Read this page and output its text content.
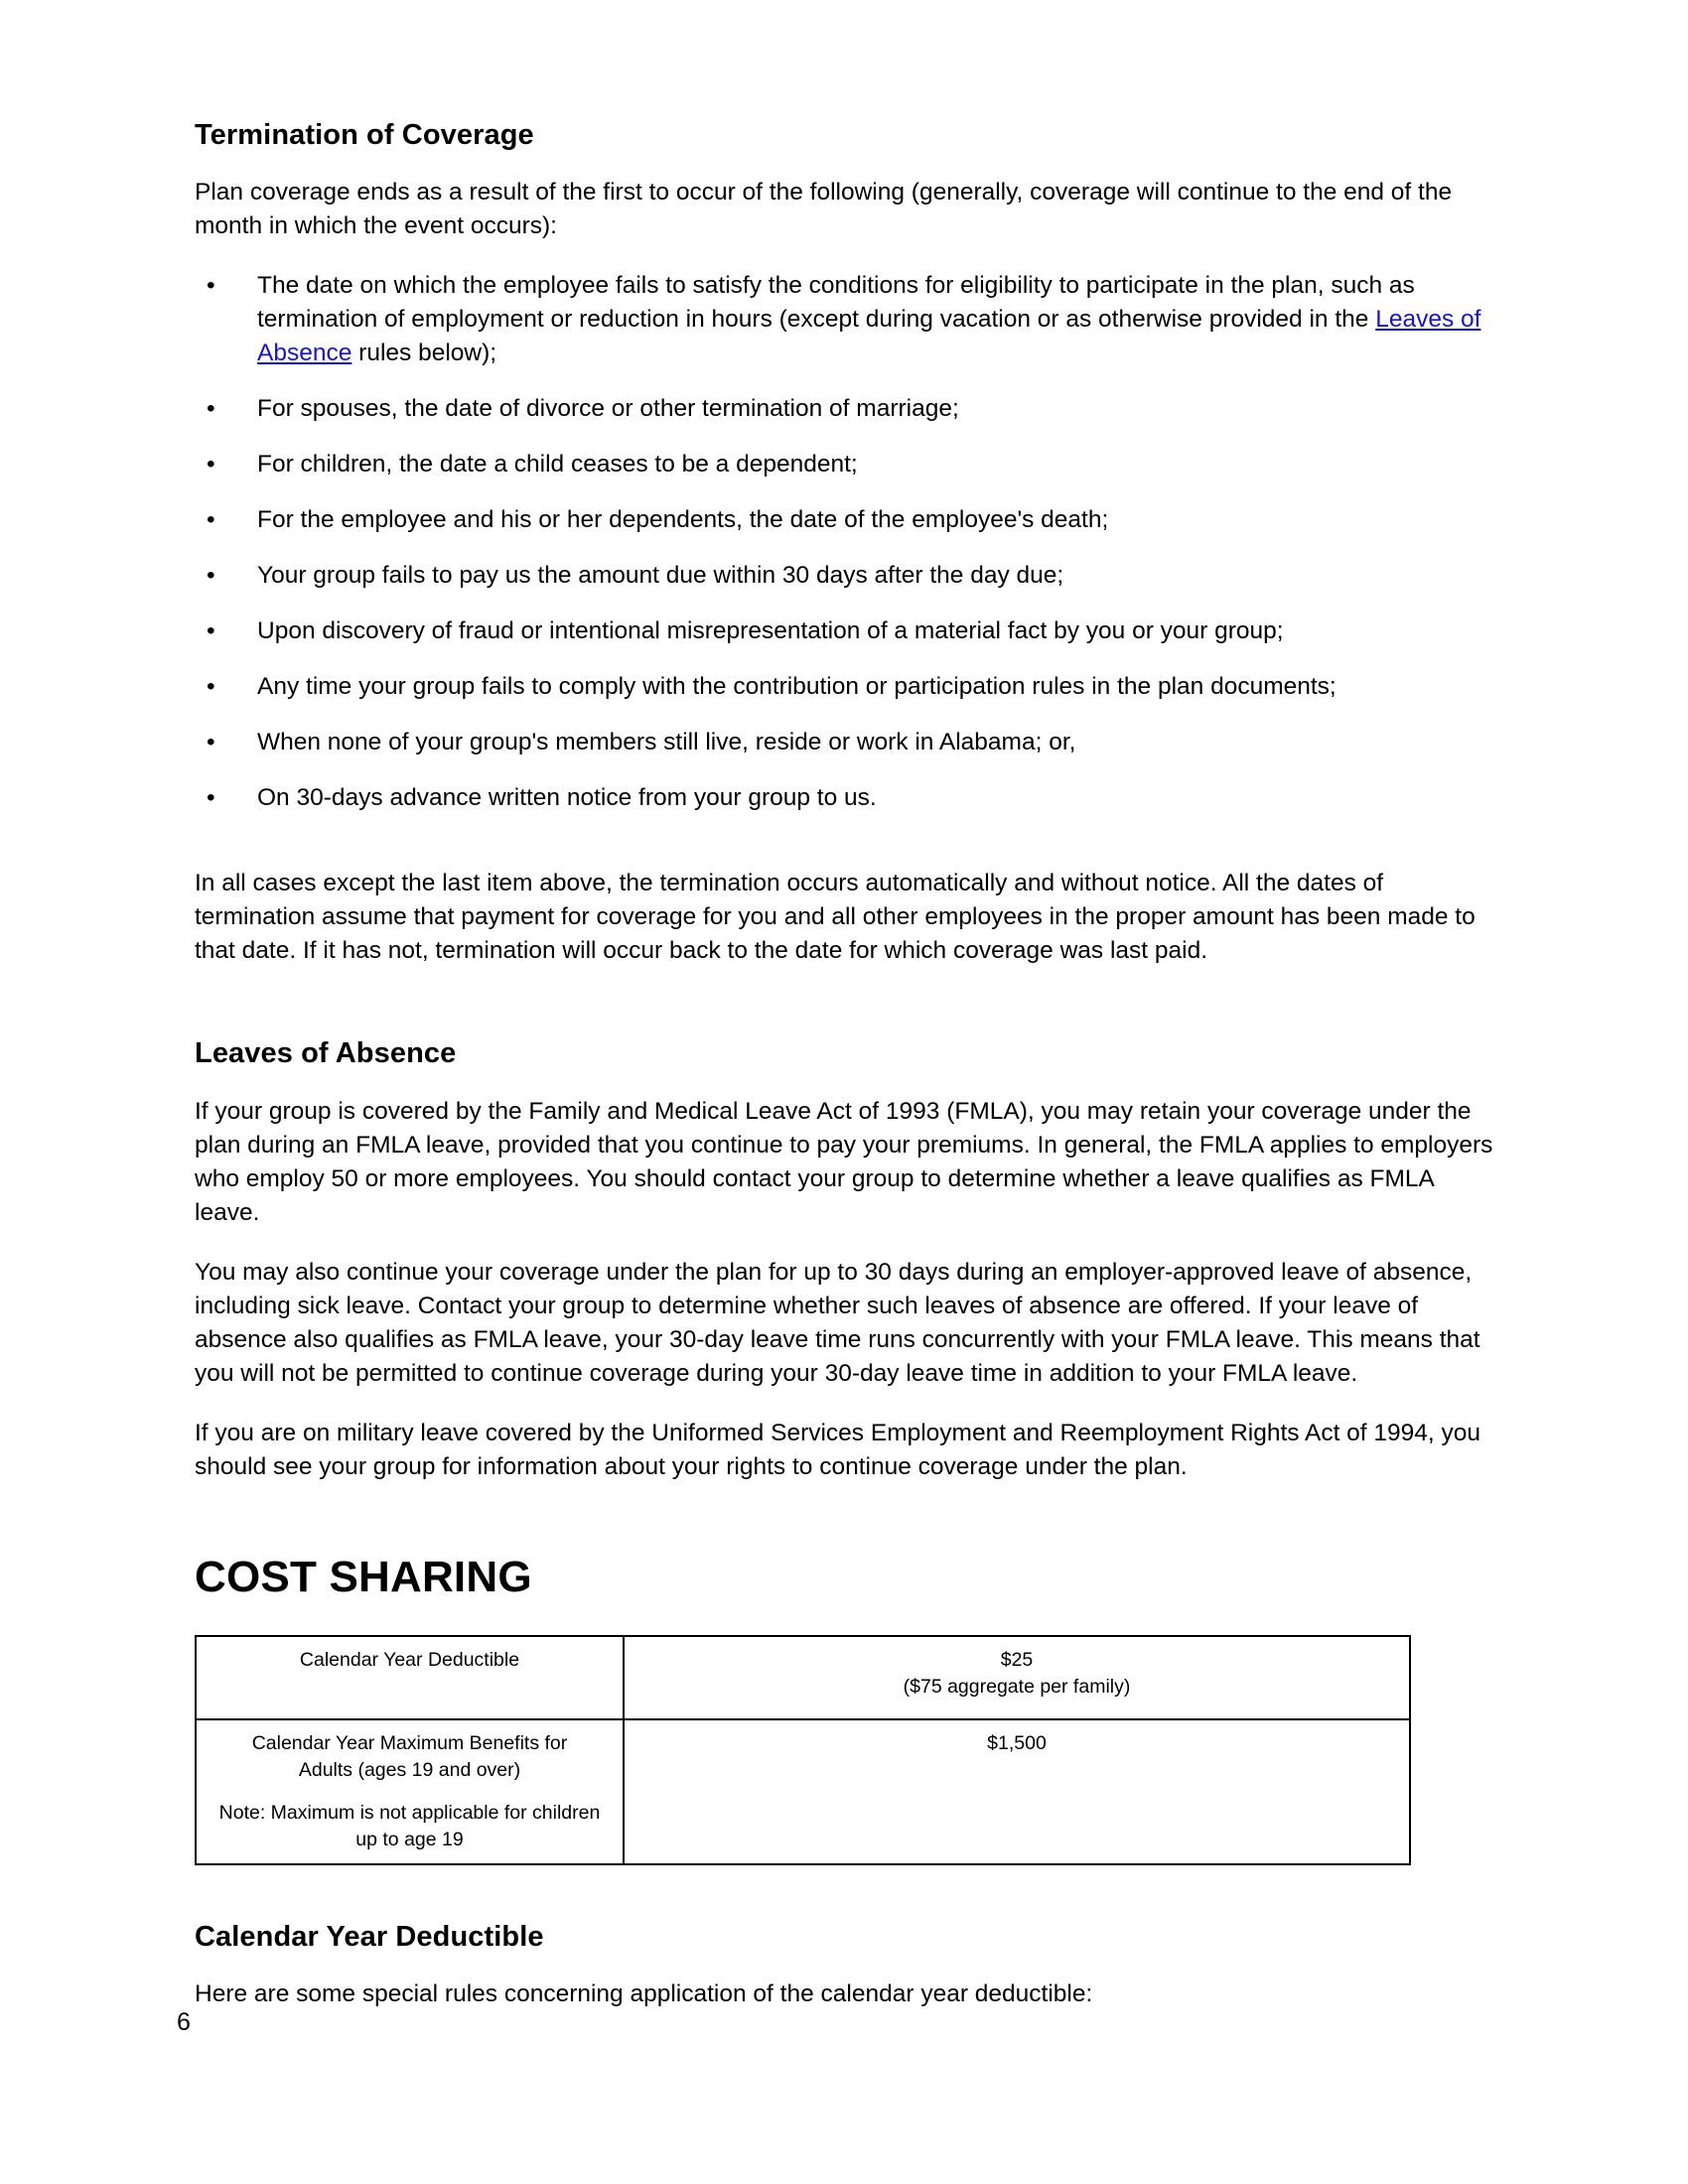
Termination of Coverage

Plan coverage ends as a result of the first to occur of the following (generally, coverage will continue to the end of the month in which the event occurs):

• The date on which the employee fails to satisfy the conditions for eligibility to participate in the plan, such as termination of employment or reduction in hours (except during vacation or as otherwise provided in the Leaves of Absence rules below);
• For spouses, the date of divorce or other termination of marriage;
• For children, the date a child ceases to be a dependent;
• For the employee and his or her dependents, the date of the employee's death;
• Your group fails to pay us the amount due within 30 days after the day due;
• Upon discovery of fraud or intentional misrepresentation of a material fact by you or your group;
• Any time your group fails to comply with the contribution or participation rules in the plan documents;
• When none of your group's members still live, reside or work in Alabama; or,
• On 30-days advance written notice from your group to us.

In all cases except the last item above, the termination occurs automatically and without notice. All the dates of termination assume that payment for coverage for you and all other employees in the proper amount has been made to that date. If it has not, termination will occur back to the date for which coverage was last paid.

Leaves of Absence

If your group is covered by the Family and Medical Leave Act of 1993 (FMLA), you may retain your coverage under the plan during an FMLA leave, provided that you continue to pay your premiums. In general, the FMLA applies to employers who employ 50 or more employees. You should contact your group to determine whether a leave qualifies as FMLA leave.

You may also continue your coverage under the plan for up to 30 days during an employer-approved leave of absence, including sick leave. Contact your group to determine whether such leaves of absence are offered. If your leave of absence also qualifies as FMLA leave, your 30-day leave time runs concurrently with your FMLA leave. This means that you will not be permitted to continue coverage during your 30-day leave time in addition to your FMLA leave.

If you are on military leave covered by the Uniformed Services Employment and Reemployment Rights Act of 1994, you should see your group for information about your rights to continue coverage under the plan.

COST SHARING
Calendar Year Deductible	$25
($75 aggregate per family)

Calendar Year Maximum Benefits for
Adults (ages 19 and over)
Note: Maximum is not applicable for children up to age 19	$1,500
Calendar Year Deductible

Here are some special rules concerning application of the calendar year deductible:

6
